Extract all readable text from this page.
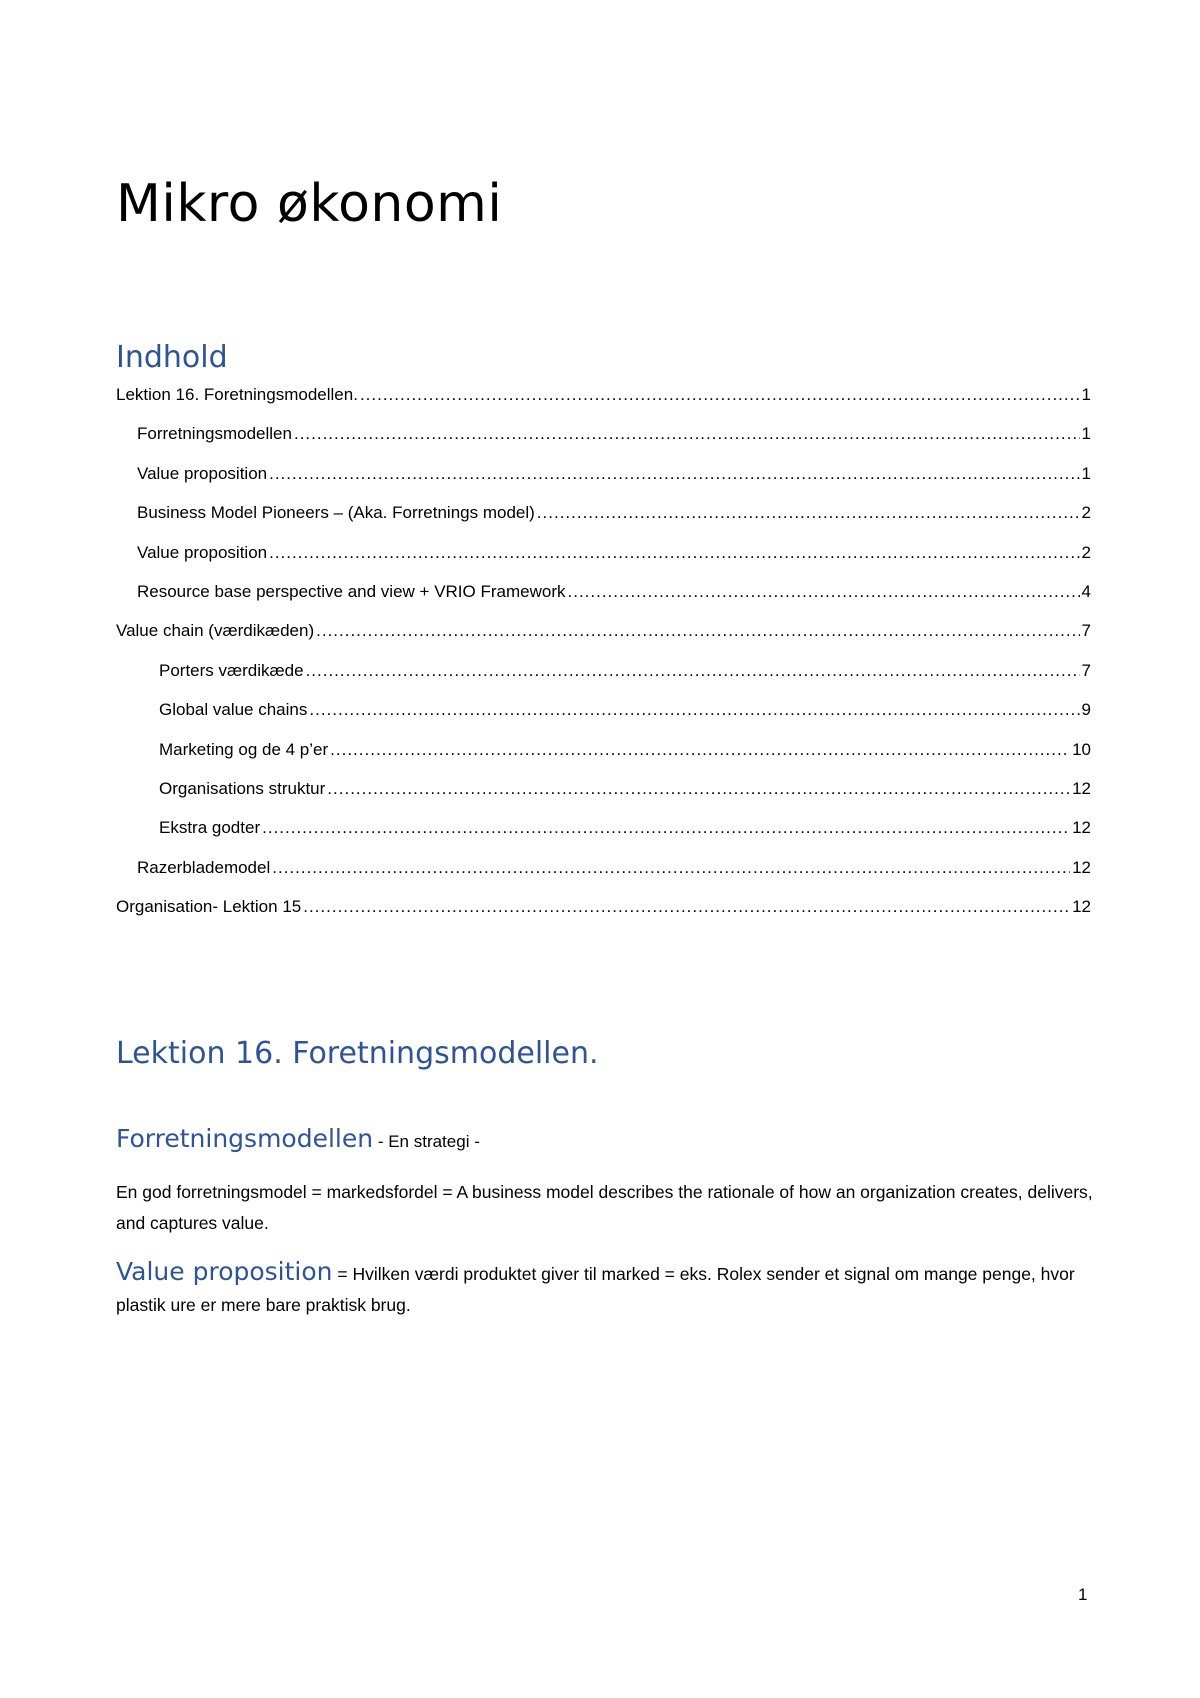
Mikro økonomi
Indhold
Lektion 16. Foretningsmodellen. .....	1
Forretningsmodellen .....	1
Value proposition .....	1
Business Model Pioneers – (Aka. Forretnings model) .....	2
Value proposition .....	2
Resource base perspective and view + VRIO Framework .....	4
Value chain (værdikæden) .....	7
Porters værdikæde .....	7
Global value chains .....	9
Marketing og de 4 p’er .....	10
Organisations struktur .....	12
Ekstra godter .....	12
Razerblademodel .....	12
Organisation- Lektion 15 .....	12
Lektion 16. Foretningsmodellen.

Forretningsmodellen - En strategi -

En god forretningsmodel = markedsfordel = A business model describes the rationale of how an organization creates, delivers, and captures value.

Value proposition = Hvilken værdi produktet giver til marked = eks. Rolex sender et signal om mange penge, hvor plastik ure er mere bare praktisk brug.

1
